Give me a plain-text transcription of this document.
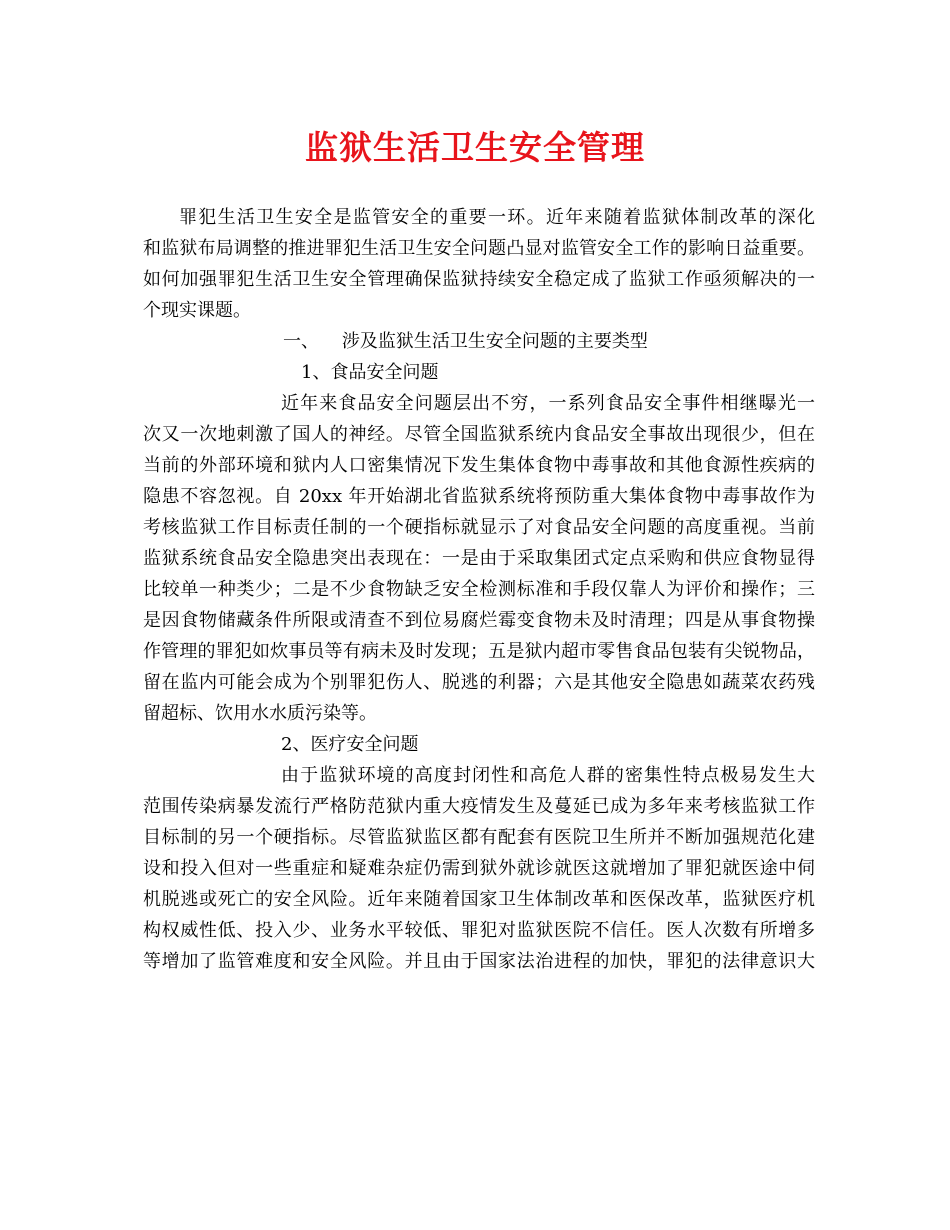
监狱生活卫生安全管理
罪犯生活卫生安全是监管安全的重要一环。近年来随着监狱体制改革的深化
和监狱布局调整的推进罪犯生活卫生安全问题凸显对监管安全工作的影响日益重要。
如何加强罪犯生活卫生安全管理确保监狱持续安全稳定成了监狱工作亟须解决的一
个现实课题。
一、    涉及监狱生活卫生安全问题的主要类型
1、食品安全问题
近年来食品安全问题层出不穷，一系列食品安全事件相继曝光一
次又一次地刺激了国人的神经。尽管全国监狱系统内食品安全事故出现很少，但在
当前的外部环境和狱内人口密集情况下发生集体食物中毒事故和其他食源性疾病的
隐患不容忽视。自 20xx 年开始湖北省监狱系统将预防重大集体食物中毒事故作为
考核监狱工作目标责任制的一个硬指标就显示了对食品安全问题的高度重视。当前
监狱系统食品安全隐患突出表现在：一是由于采取集团式定点采购和供应食物显得
比较单一种类少；二是不少食物缺乏安全检测标准和手段仅靠人为评价和操作；三
是因食物储藏条件所限或清查不到位易腐烂霉变食物未及时清理；四是从事食物操
作管理的罪犯如炊事员等有病未及时发现；五是狱内超市零售食品包装有尖锐物品，
留在监内可能会成为个别罪犯伤人、脱逃的利器；六是其他安全隐患如蔬菜农药残
留超标、饮用水水质污染等。
2、医疗安全问题
由于监狱环境的高度封闭性和高危人群的密集性特点极易发生大
范围传染病暴发流行严格防范狱内重大疫情发生及蔓延已成为多年来考核监狱工作
目标制的另一个硬指标。尽管监狱监区都有配套有医院卫生所并不断加强规范化建
设和投入但对一些重症和疑难杂症仍需到狱外就诊就医这就增加了罪犯就医途中伺
机脱逃或死亡的安全风险。近年来随着国家卫生体制改革和医保改革，监狱医疗机
构权威性低、投入少、业务水平较低、罪犯对监狱医院不信任。医人次数有所增多
等增加了监管难度和安全风险。并且由于国家法治进程的加快，罪犯的法律意识大
